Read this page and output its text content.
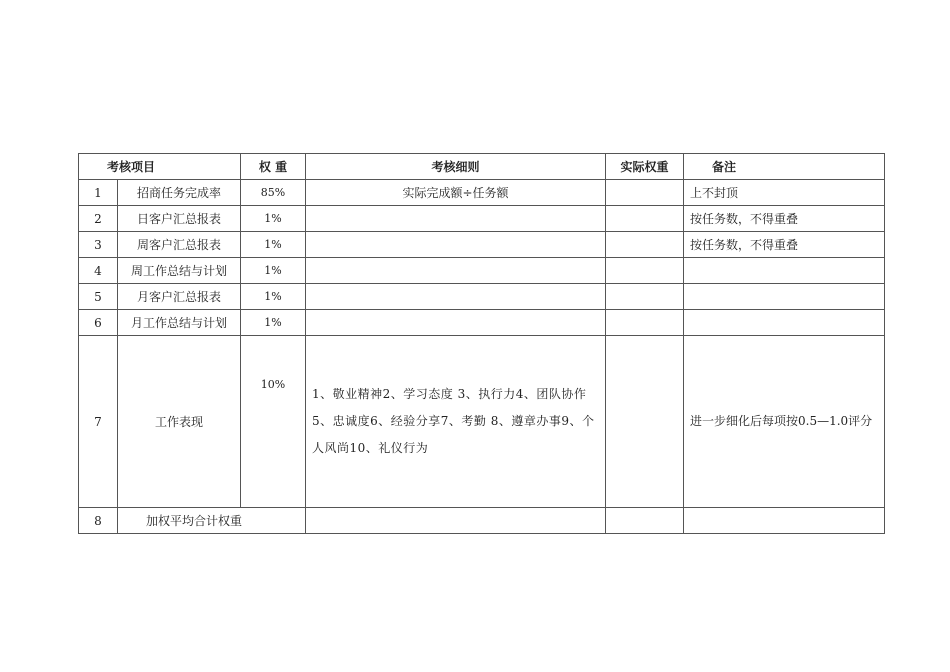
考核项目		权 重	考核细则	实际权重	备注
1	招商任务完成率	85%	实际完成额÷任务额		上不封顶
2	日客户汇总报表	1%			按任务数，不得重叠
3	周客户汇总报表	1%			按任务数，不得重叠
4	周工作总结与计划	1%			
5	月客户汇总报表	1%			
6	月工作总结与计划	1%			
7	工作表现	10%	1、敬业精神2、学习态度 3、执行力4、团队协作5、忠诚度6、经验分享7、考勤 8、遵章办事9、个人风尚10、礼仪行为		进一步细化后每项按0.5—1.0评分
8	加权平均合计权重				
